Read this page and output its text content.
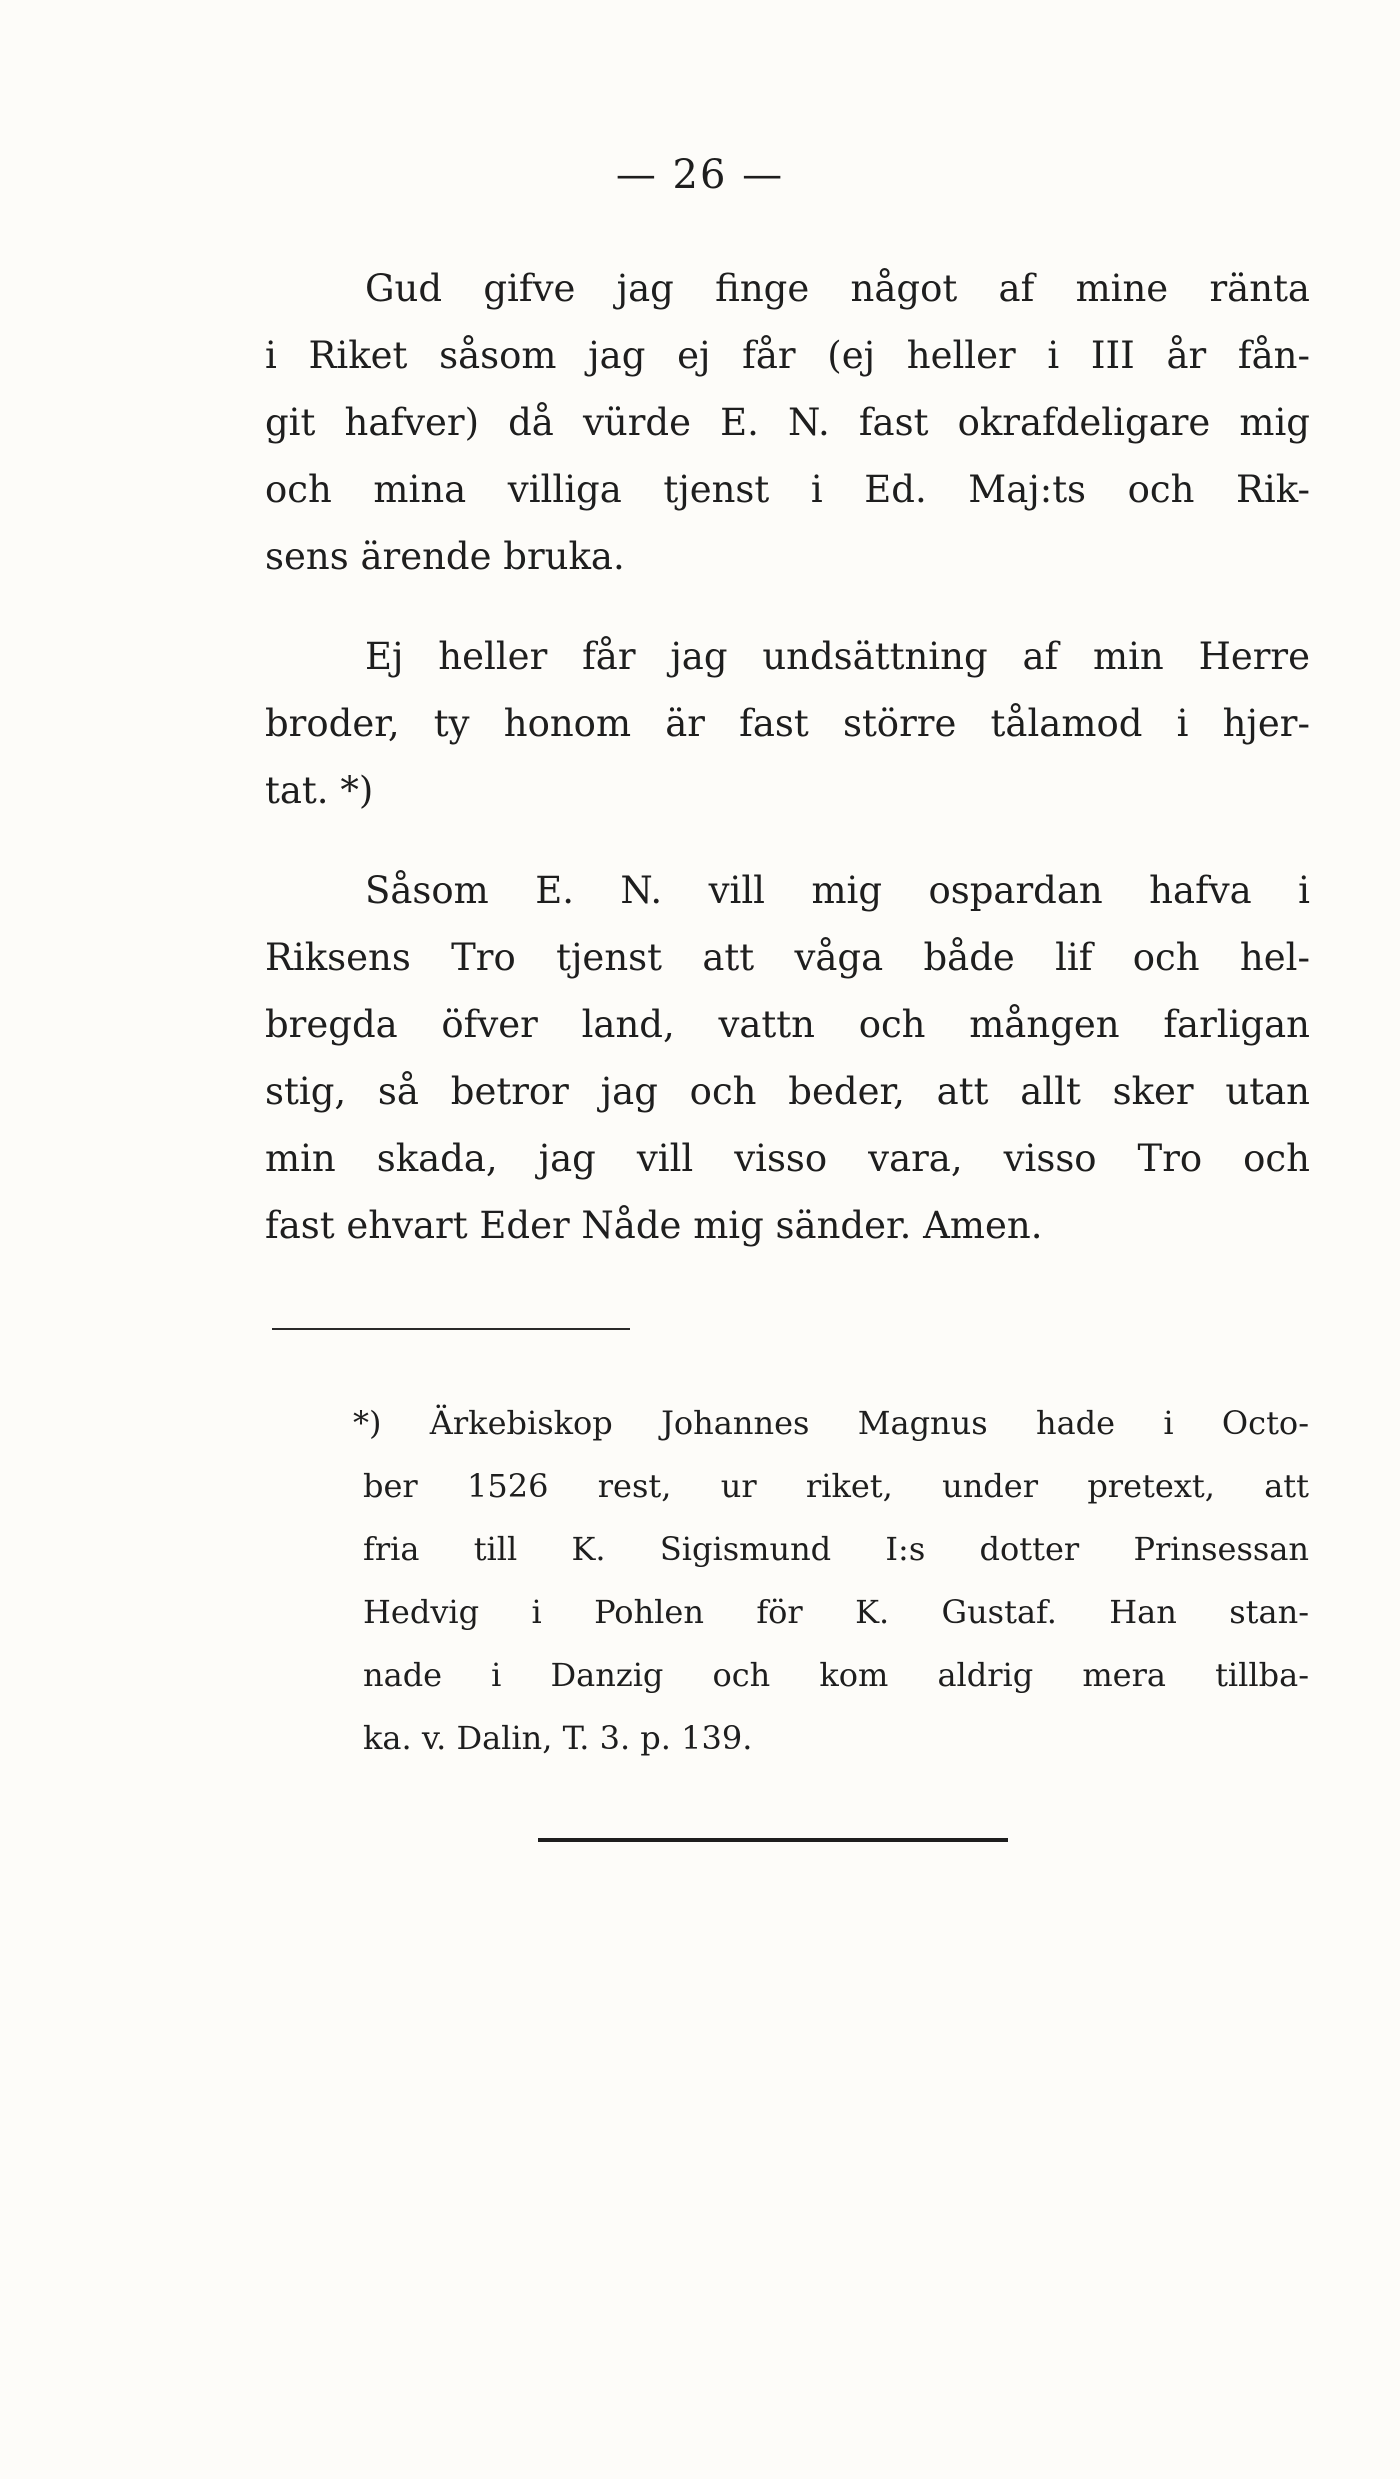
— 26 —
Gud gifve jag finge något af mine ränta
i Riket såsom jag ej får (ej heller i III år fån-
git hafver) då vürde E. N. fast okrafdeligare mig
och mina villiga tjenst i Ed. Maj:ts och Rik-
sens ärende bruka.
Ej heller får jag undsättning af min Herre
broder, ty honom är fast större tålamod i hjer-
tat. *)
Såsom E. N. vill mig ospardan hafva i
Riksens Tro tjenst att våga både lif och hel-
bregda öfver land, vattn och mången farligan
stig, så betror jag och beder, att allt sker utan
min skada, jag vill visso vara, visso Tro och
fast ehvart Eder Nåde mig sänder. Amen.
*) Ärkebiskop Johannes Magnus hade i Octo-
ber 1526 rest, ur riket, under pretext, att
fria till K. Sigismund I:s dotter Prinsessan
Hedvig i Pohlen för K. Gustaf. Han stan-
nade i Danzig och kom aldrig mera tillba-
ka. v. Dalin, T. 3. p. 139.
